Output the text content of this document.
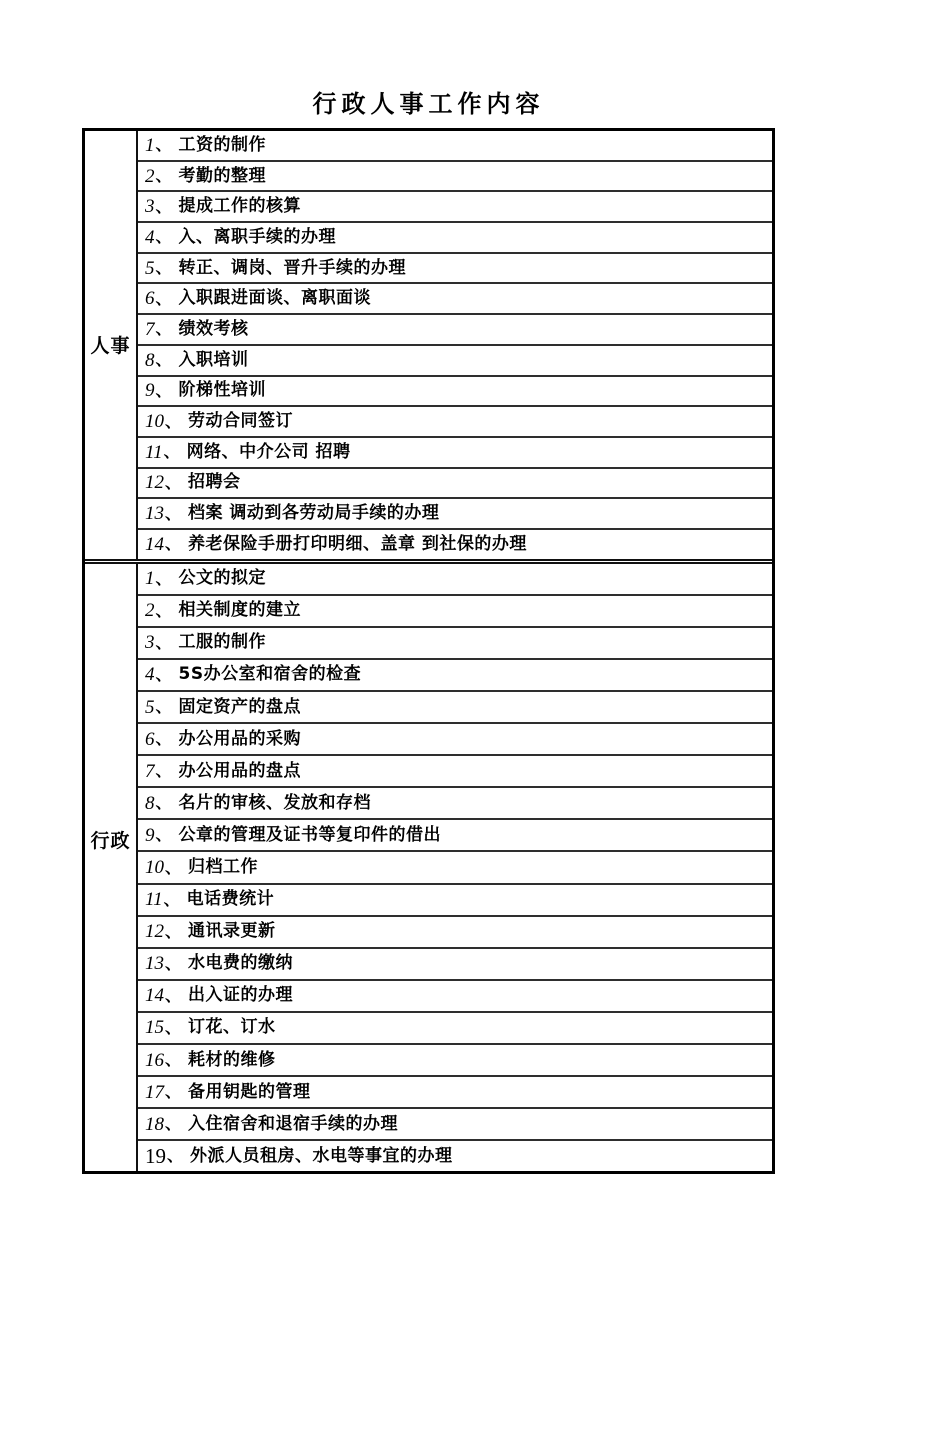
行政人事工作内容
人事
1 、 工资的制作
2 、 考勤的整理
3 、 提成工作的核算
4 、 入、离职手续的办理
5 、 转正、调岗、晋升手续的办理
6 、 入职跟进面谈、离职面谈
7 、 绩效考核
8 、 入职培训
9 、 阶梯性培训
10 、 劳动合同签订
11 、 网络、中介公司 招聘
12 、 招聘会
13 、 档案 调动到各劳动局手续的办理
14 、 养老保险手册打印明细、盖章 到社保的办理
行政
1 、 公文的拟定
2 、 相关制度的建立
3 、 工服的制作
4 、 5S办公室和宿舍的检查
5 、 固定资产的盘点
6 、 办公用品的采购
7 、 办公用品的盘点
8 、 名片的审核、发放和存档
9 、 公章的管理及证书等复印件的借出
10 、 归档工作
11 、 电话费统计
12 、 通讯录更新
13 、 水电费的缴纳
14 、 出入证的办理
15 、 订花、订水
16 、 耗材的维修
17 、 备用钥匙的管理
18 、 入住宿舍和退宿手续的办理
19 、 外派人员租房、水电等事宜的办理
